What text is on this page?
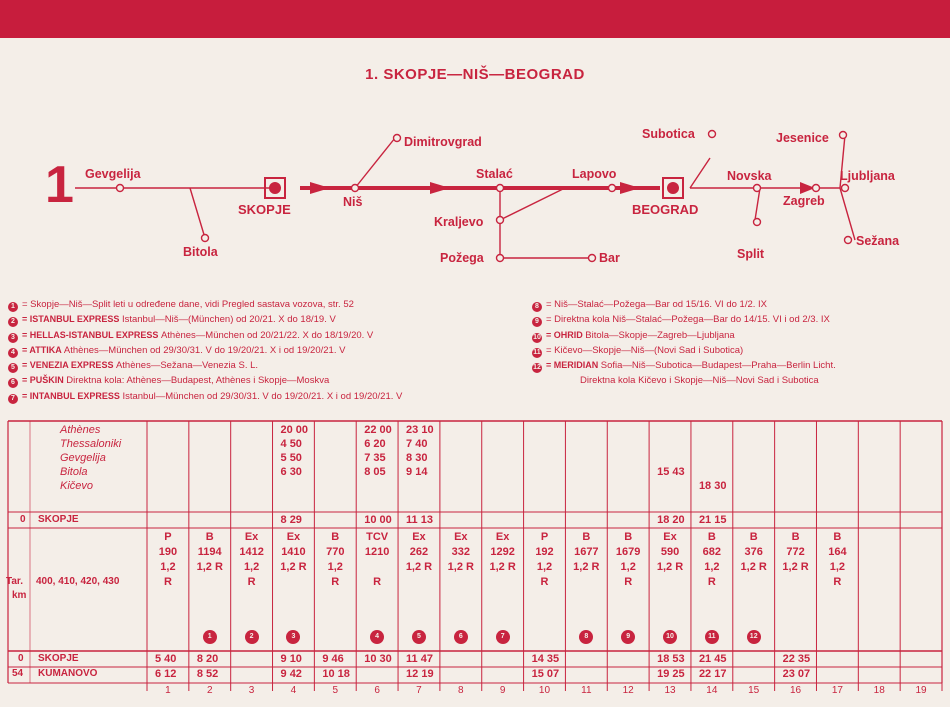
1. SKOPJE—NIŠ—BEOGRAD
1 Gevgelija
SKOPJE
Bitola
Niš
Dimitrovgrad
Stalać
Kraljevo
Požega	Bar
Lapovo
BEOGRAD
Subotica
Novska
Split
Zagreb
Jesenice
Ljubljana
Sežana
1 = Skopje—Niš—Split leti u određene dane, vidi Pregled sastava vozova, str. 52
2 = ISTANBUL EXPRESS Istanbul—Niš—(München) od 20/21. X do 18/19. V
3 = HELLAS-ISTANBUL EXPRESS Athènes—München od 20/21/22. X do 18/19/20. V
4 = ATTIKA Athènes—München od 29/30/31. V do 19/20/21. X i od 19/20/21. V
5 = VENEZIA EXPRESS Athènes—Sežana—Venezia S. L.
6 = PUŠKIN Direktna kola: Athènes—Budapest, Athènes i Skopje—Moskva
7 = INTANBUL EXPRESS Istanbul—München od 29/30/31. V do 19/20/21. X i od 19/20/21. V
8 = Niš—Stalać—Požega—Bar od 15/16. VI do 1/2. IX
9 = Direktna kola Niš—Stalać—Požega—Bar do 14/15. VI i od 2/3. IX
10 = OHRID Bitola—Skopje—Zagreb—Ljubljana
11 = Kičevo—Skopje—Niš—(Novi Sad i Subotica)
12 = MERIDIAN Sofia—Niš—Subotica—Budapest—Praha—Berlin Licht.
Direktna kola Kičevo i Skopje—Niš—Novi Sad i Subotica
Athènes
Thessaloniki
Gevgelija
Bitola
Kičevo
0 SKOPJE
Tar.
km
400, 410, 420, 430
0 SKOPJE
54 KUMANOVO
1
P
190
1,2
R
5 40
6 12
2
B
1194
1,2 R
1
8 20
8 52
3
Ex
1412
1,2
R
2
4
Ex
1410
1,2 R
3
20 00
4 50
5 50
6 30
8 29
9 10
9 42
5
B
770
1,2
R
9 46
10 18
6
TCV
1210
R
4
22 00
6 20
7 35
8 05
10 00
10 30
7
Ex
262
1,2 R
5
23 10
7 40
8 30
9 14
11 13
11 47
12 19
8
Ex
332
1,2 R
6
9
Ex
1292
1,2 R
7
10
P
192
1,2
R
14 35
15 07
11
B
1677
1,2 R
8
12
B
1679
1,2
R
9
13
Ex
590
1,2 R
10
15 43
18 20
18 53
19 25
14
B
682
1,2
R
11
18 30
21 15
21 45
22 17
15
B
376
1,2 R
12
16
B
772
1,2 R
22 35
23 07
17
B
164
1,2
R
18	19
